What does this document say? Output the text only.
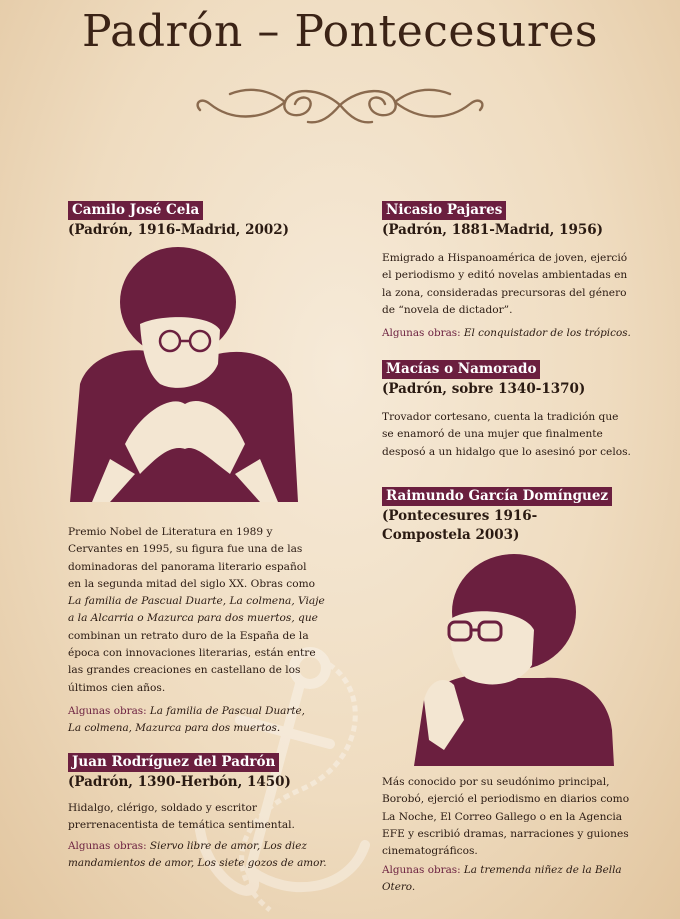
Padrón – Pontecesures
Camilo José Cela
(Padrón, 1916-Madrid, 2002)
Premio Nobel de Literatura en 1989 y
Cervantes en 1995, su figura fue una de las
dominadoras del panorama literario español
en la segunda mitad del siglo XX. Obras como
La familia de Pascual Duarte, La colmena, Viaje
a la Alcarria o Mazurca para dos muertos, que
combinan un retrato duro de la España de la
época con innovaciones literarias, están entre
las grandes creaciones en castellano de los
últimos cien años.
Algunas obras: La familia de Pascual Duarte,
La colmena, Mazurca para dos muertos.
Juan Rodríguez del Padrón
(Padrón, 1390-Herbón, 1450)
Hidalgo, clérigo, soldado y escritor
prerrenacentista de temática sentimental.
Algunas obras: Siervo libre de amor, Los diez
mandamientos de amor, Los siete gozos de amor.
Nicasio Pajares
(Padrón, 1881-Madrid, 1956)
Emigrado a Hispanoamérica de joven, ejerció
el periodismo y editó novelas ambientadas en
la zona, consideradas precursoras del género
de “novela de dictador”.
Algunas obras: El conquistador de los trópicos.
Macías o Namorado
(Padrón, sobre 1340-1370)
Trovador cortesano, cuenta la tradición que
se enamoró de una mujer que finalmente
desposó a un hidalgo que lo asesinó por celos.
Raimundo García Domínguez
(Pontecesures 1916-
Compostela 2003)
Más conocido por su seudónimo principal,
Borobó, ejerció el periodismo en diarios como
La Noche, El Correo Gallego o en la Agencia
EFE y escribió dramas, narraciones y guiones
cinematográficos.
Algunas obras: La tremenda niñez de la Bella
Otero.
